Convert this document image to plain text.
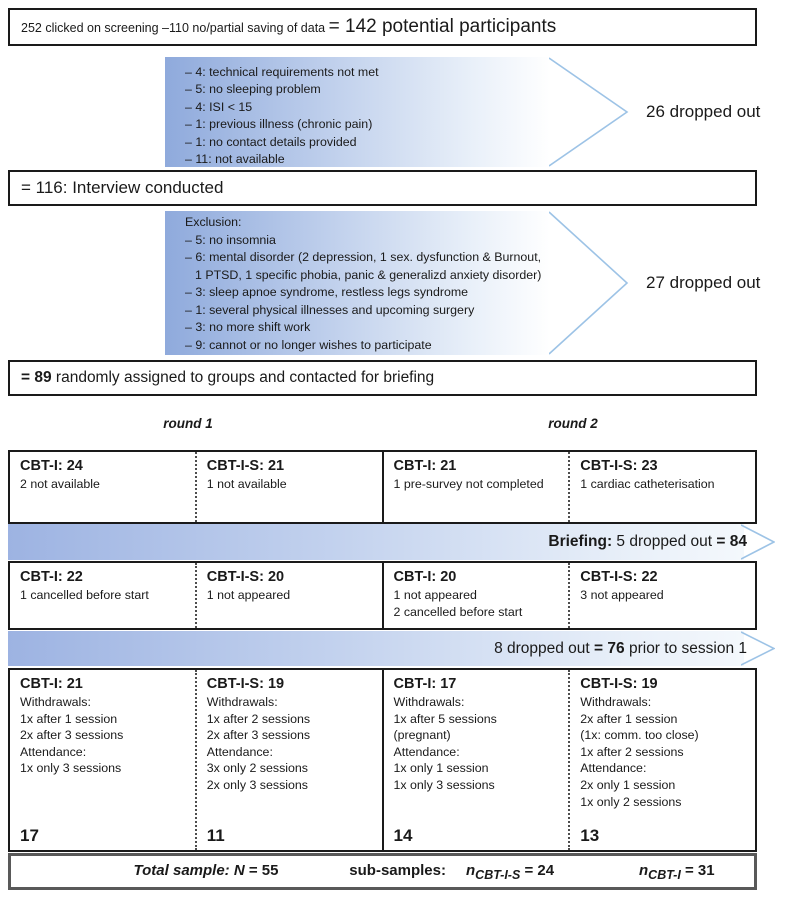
252 clicked on screening –110 no/partial saving of data = 142 potential participants
– 4: technical requirements not met
– 5: no sleeping problem
– 4: ISI < 15
– 1: previous illness (chronic pain)
– 1: no contact details provided
– 11: not available
26 dropped out
= 116: Interview conducted
Exclusion:
– 5: no insomnia
– 6: mental disorder (2 depression, 1 sex. dysfunction & Burnout,
1 PTSD, 1 specific phobia, panic & generalizd anxiety disorder)
– 3: sleep apnoe syndrome, restless legs syndrome
– 1: several physical illnesses and upcoming surgery
– 3: no more shift work
– 9: cannot or no longer wishes to participate
27 dropped out
= 89 randomly assigned to groups and contacted for briefing
round 1	round 2
CBT-I: 24
2 not available
CBT-I-S: 21
1 not available
CBT-I: 21
1 pre-survey not completed
CBT-I-S: 23
1 cardiac catheterisation
Briefing: 5 dropped out = 84
CBT-I: 22
1 cancelled before start
CBT-I-S: 20
1 not appeared
CBT-I: 20
1 not appeared
2 cancelled before start
CBT-I-S: 22
3 not appeared
8 dropped out = 76 prior to session 1
CBT-I: 21
Withdrawals:
1x after 1 session
2x after 3 sessions
Attendance:
1x only 3 sessions
17
CBT-I-S: 19
Withdrawals:
1x after 2 sessions
2x after 3 sessions
Attendance:
3x only 2 sessions
2x only 3 sessions
11
CBT-I: 17
Withdrawals:
1x after 5 sessions
(pregnant)
Attendance:
1x only 1 session
1x only 3 sessions
14
CBT-I-S: 19
Withdrawals:
2x after 1 session
(1x: comm. too close)
1x after 2 sessions
Attendance:
2x only 1 session
1x only 2 sessions
13
Total sample: N = 55	sub-samples: $n_{CBT-I-S} = 24$	$n_{CBT-I} = 31$
